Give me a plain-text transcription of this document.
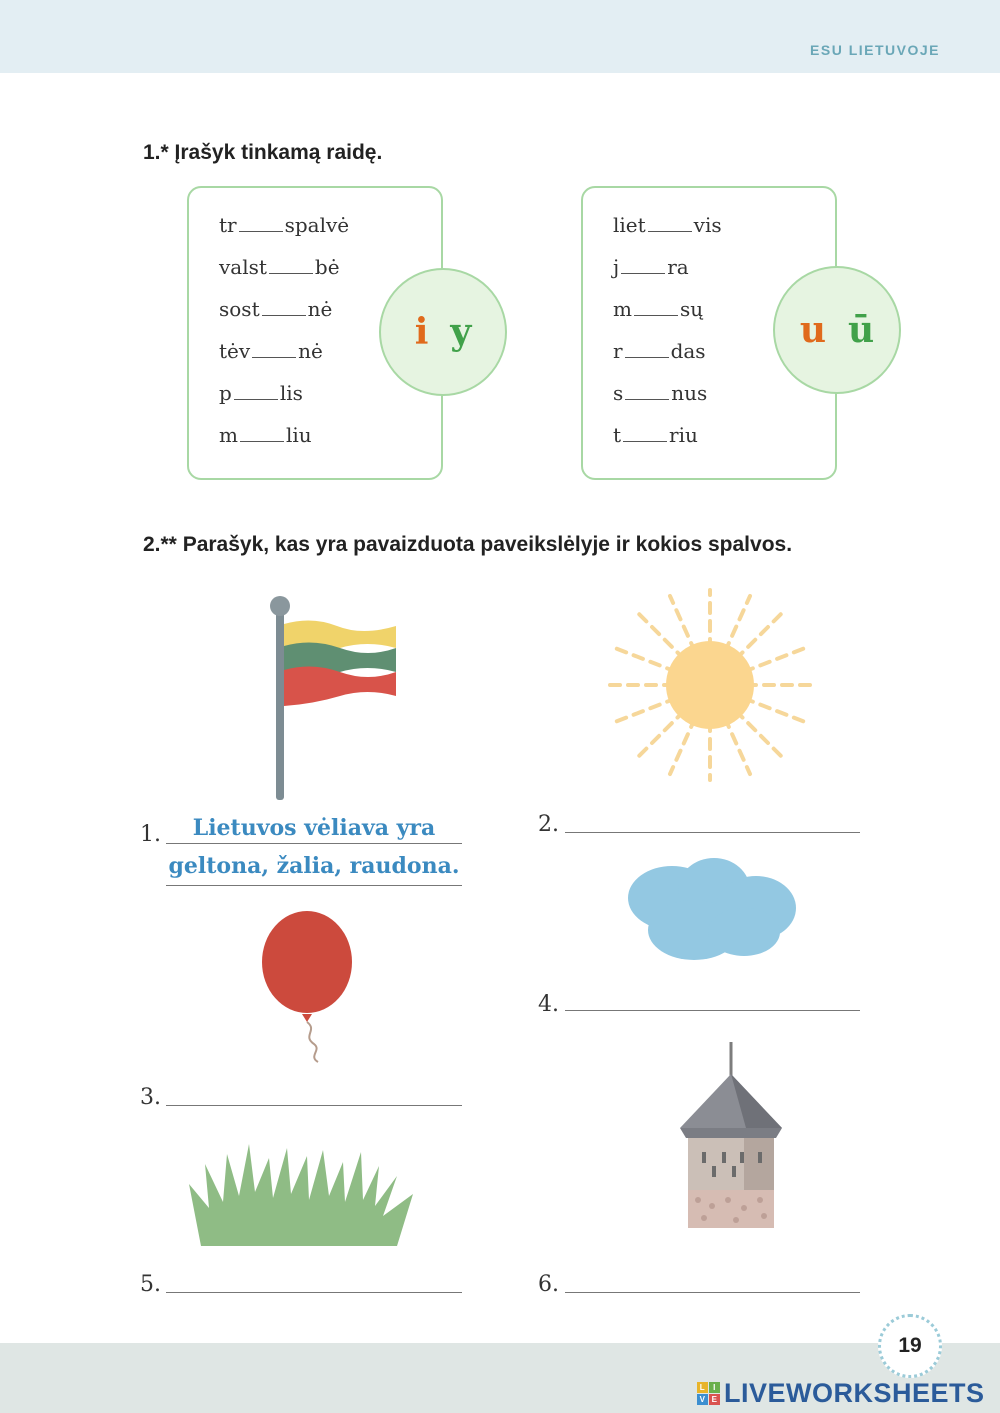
ESU LIETUVOJE
1.* Įrašyk tinkamą raidę.
tr spalvė
valst bė
sost nė
tėv nė
p lis
m liu
i y
liet vis
j ra
m sų
r das
s nus
t riu
u ū
2.** Parašyk, kas yra pavaizduota paveikslėlyje ir kokios spalvos.
1.	Lietuvos vėliava yra
geltona, žalia, raudona.
2.
4.
3.
5.	6.
19
L I
V E LIVEWORKSHEETS
